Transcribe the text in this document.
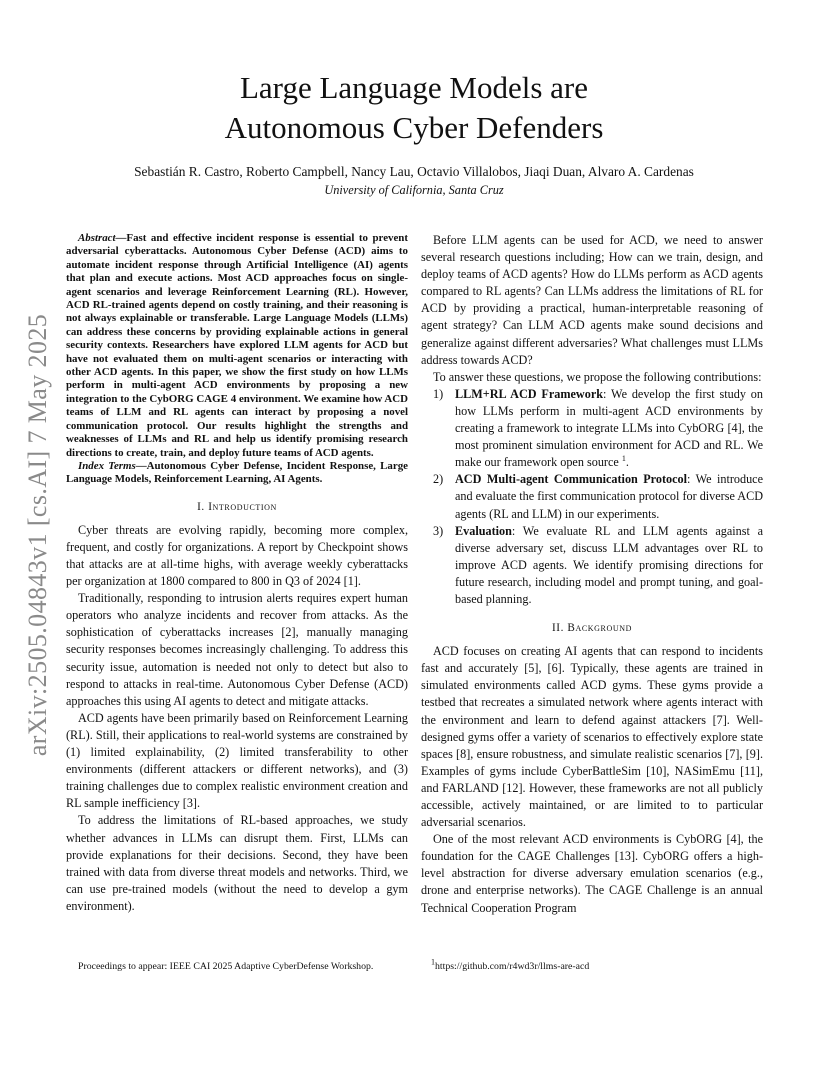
arXiv:2505.04843v1 [cs.AI] 7 May 2025
Large Language Models are
Autonomous Cyber Defenders
Sebastián R. Castro, Roberto Campbell, Nancy Lau, Octavio Villalobos, Jiaqi Duan, Alvaro A. Cardenas
University of California, Santa Cruz

Abstract—Fast and effective incident response is essential to prevent adversarial cyberattacks. Autonomous Cyber Defense (ACD) aims to automate incident response through Artificial Intelligence (AI) agents that plan and execute actions. Most ACD approaches focus on single-agent scenarios and leverage Reinforcement Learning (RL). However, ACD RL-trained agents depend on costly training, and their reasoning is not always explainable or transferable. Large Language Models (LLMs) can address these concerns by providing explainable actions in general security contexts. Researchers have explored LLM agents for ACD but have not evaluated them on multi-agent scenarios or interacting with other ACD agents. In this paper, we show the first study on how LLMs perform in multi-agent ACD environments by proposing a new integration to the CybORG CAGE 4 environment. We examine how ACD teams of LLM and RL agents can interact by proposing a novel communication protocol. Our results highlight the strengths and weaknesses of LLMs and RL and help us identify promising research directions to create, train, and deploy future teams of ACD agents.

Index Terms—Autonomous Cyber Defense, Incident Response, Large Language Models, Reinforcement Learning, AI Agents.

I. Introduction

Cyber threats are evolving rapidly, becoming more complex, frequent, and costly for organizations. A report by Checkpoint shows that attacks are at all-time highs, with average weekly cyberattacks per organization at 1800 compared to 800 in Q3 of 2024 [1].

Traditionally, responding to intrusion alerts requires expert human operators who analyze incidents and recover from attacks. As the sophistication of cyberattacks increases [2], manually managing security responses becomes increasingly challenging. To address this security issue, automation is needed not only to detect but also to respond to attacks in real-time. Autonomous Cyber Defense (ACD) approaches this using AI agents to detect and mitigate attacks.

ACD agents have been primarily based on Reinforcement Learning (RL). Still, their applications to real-world systems are constrained by (1) limited explainability, (2) limited transferability to other environments (different attackers or different networks), and (3) training challenges due to complex realistic environment creation and RL sample inefficiency [3].

To address the limitations of RL-based approaches, we study whether advances in LLMs can disrupt them. First, LLMs can provide explanations for their decisions. Second, they have been trained with data from diverse threat models and networks. Third, we can use pre-trained models (without the need to develop a gym environment).

Before LLM agents can be used for ACD, we need to answer several research questions including; How can we train, design, and deploy teams of ACD agents? How do LLMs perform as ACD agents compared to RL agents? Can LLMs address the limitations of RL for ACD by providing a practical, human-interpretable reasoning of agent strategy? Can LLM ACD agents make sound decisions and generalize against different adversaries? What challenges must LLMs address towards ACD?

To answer these questions, we propose the following contributions:

1) LLM+RL ACD Framework: We develop the first study on how LLMs perform in multi-agent ACD environments by creating a framework to integrate LLMs into CybORG [4], the most prominent simulation environment for ACD and RL. We make our framework open source $^1$.
2) ACD Multi-agent Communication Protocol: We introduce and evaluate the first communication protocol for diverse ACD agents (RL and LLM) in our experiments.
3) Evaluation: We evaluate RL and LLM agents against a diverse adversary set, discuss LLM advantages over RL to improve ACD agents. We identify promising directions for future research, including model and prompt tuning, and goal-based planning.
II. Background

ACD focuses on creating AI agents that can respond to incidents fast and accurately [5], [6]. Typically, these agents are trained in simulated environments called ACD gyms. These gyms provide a testbed that recreates a simulated network where agents interact with the environment and learn to defend against attackers [7]. Well-designed gyms offer a variety of scenarios to effectively explore state spaces [8], ensure robustness, and simulate realistic scenarios [7], [9]. Examples of gyms include CyberBattleSim [10], NASimEmu [11], and FARLAND [12]. However, these frameworks are not all publicly accessible, actively maintained, or are limited to to particular adversarial scenarios.

One of the most relevant ACD environments is CybORG [4], the foundation for the CAGE Challenges [13]. CybORG offers a high-level abstraction for diverse adversary emulation scenarios (e.g., drone and enterprise networks). The CAGE Challenge is an annual Technical Cooperation Program

Proceedings to appear: IEEE CAI 2025 Adaptive CyberDefense Workshop.	$^1$https://github.com/r4wd3r/llms-are-acd
